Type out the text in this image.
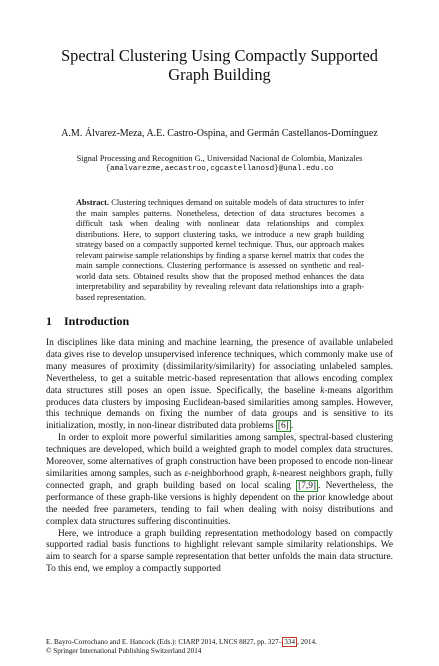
Spectral Clustering Using Compactly Supported
Graph Building
A.M. Álvarez-Meza, A.E. Castro-Ospina, and Germán Castellanos-Domínguez
Signal Processing and Recognition G., Universidad Nacional de Colombia, Manizales
{amalvarezme,aecastroo,cgcastellanosd}@unal.edu.co
Abstract. Clustering techniques demand on suitable models of data structures to infer the main samples patterns. Nonetheless, detection of data structures becomes a difficult task when dealing with nonlinear data relationships and complex distributions. Here, to support clustering tasks, we introduce a new graph building strategy based on a compactly supported kernel technique. Thus, our approach makes relevant pairwise sample relationships by finding a sparse kernel matrix that codes the main sample connections. Clustering performance is assessed on synthetic and real-world data sets. Obtained results show that the proposed method enhances the data interpretability and separability by revealing relevant data relationships into a graph-based representation.
1 Introduction

In disciplines like data mining and machine learning, the presence of available unlabeled data gives rise to develop unsupervised inference techniques, which commonly make use of many measures of proximity (dissimilarity/similarity) for associating unlabeled samples. Nevertheless, to get a suitable metric-based representation that allows encoding complex data structures still poses an open issue. Specifically, the baseline k-means algorithm produces data clusters by imposing Euclidean-based similarities among samples. However, this technique demands on fixing the number of data groups and is sensitive to its initialization, mostly, in non-linear distributed data problems [6] .

In order to exploit more powerful similarities among samples, spectral-based clustering techniques are developed, which build a weighted graph to model complex data structures. Moreover, some alternatives of graph construction have been proposed to encode non-linear similarities among samples, such as ε-neighborhood graph, k-nearest neighbors graph, fully connected graph, and graph building based on local scaling [7,9] . Nevertheless, the performance of these graph-like versions is highly dependent on the prior knowledge about the needed free parameters, tending to fail when dealing with noisy distributions and complex data structures suffering discontinuities.

Here, we introduce a graph building representation methodology based on compactly supported radial basis functions to highlight relevant sample similarity relationships. We aim to search for a sparse sample representation that better unfolds the main data structure. To this end, we employ a compactly supported

E. Bayro-Corrochano and E. Hancock (Eds.): CIARP 2014, LNCS 8827, pp. 327– 334 , 2014.
© Springer International Publishing Switzerland 2014
